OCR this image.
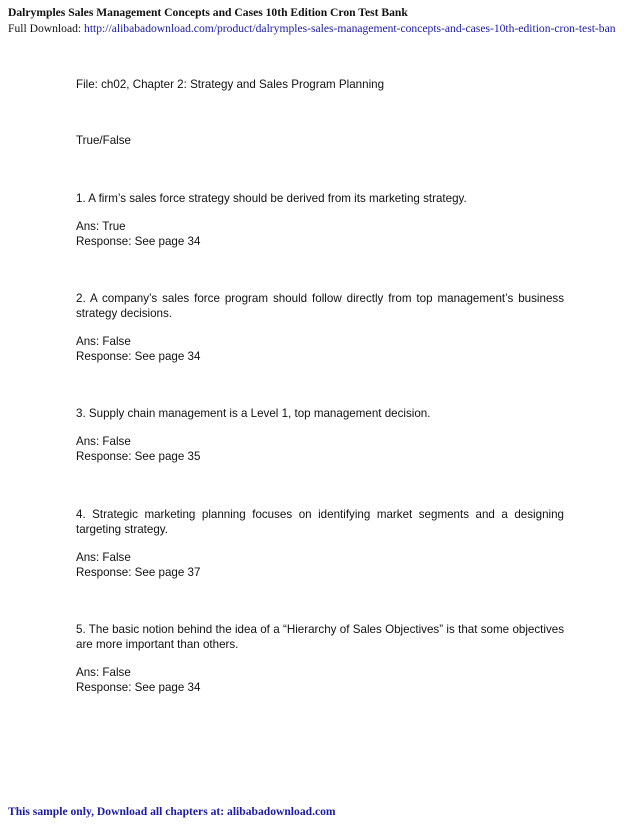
Dalrymples Sales Management Concepts and Cases 10th Edition Cron Test Bank
Full Download: http://alibabadownload.com/product/dalrymples-sales-management-concepts-and-cases-10th-edition-cron-test-ban
File: ch02, Chapter 2: Strategy and Sales Program Planning
True/False

1. A firm’s sales force strategy should be derived from its marketing strategy.

Ans: True
Response: See page 34

2. A company’s sales force program should follow directly from top management’s business strategy decisions.

Ans: False
Response: See page 34

3. Supply chain management is a Level 1, top management decision.

Ans: False
Response: See page 35

4. Strategic marketing planning focuses on identifying market segments and a designing targeting strategy.

Ans: False
Response: See page 37

5. The basic notion behind the idea of a “Hierarchy of Sales Objectives” is that some objectives are more important than others.

Ans: False
Response: See page 34
This sample only, Download all chapters at: alibabadownload.com
